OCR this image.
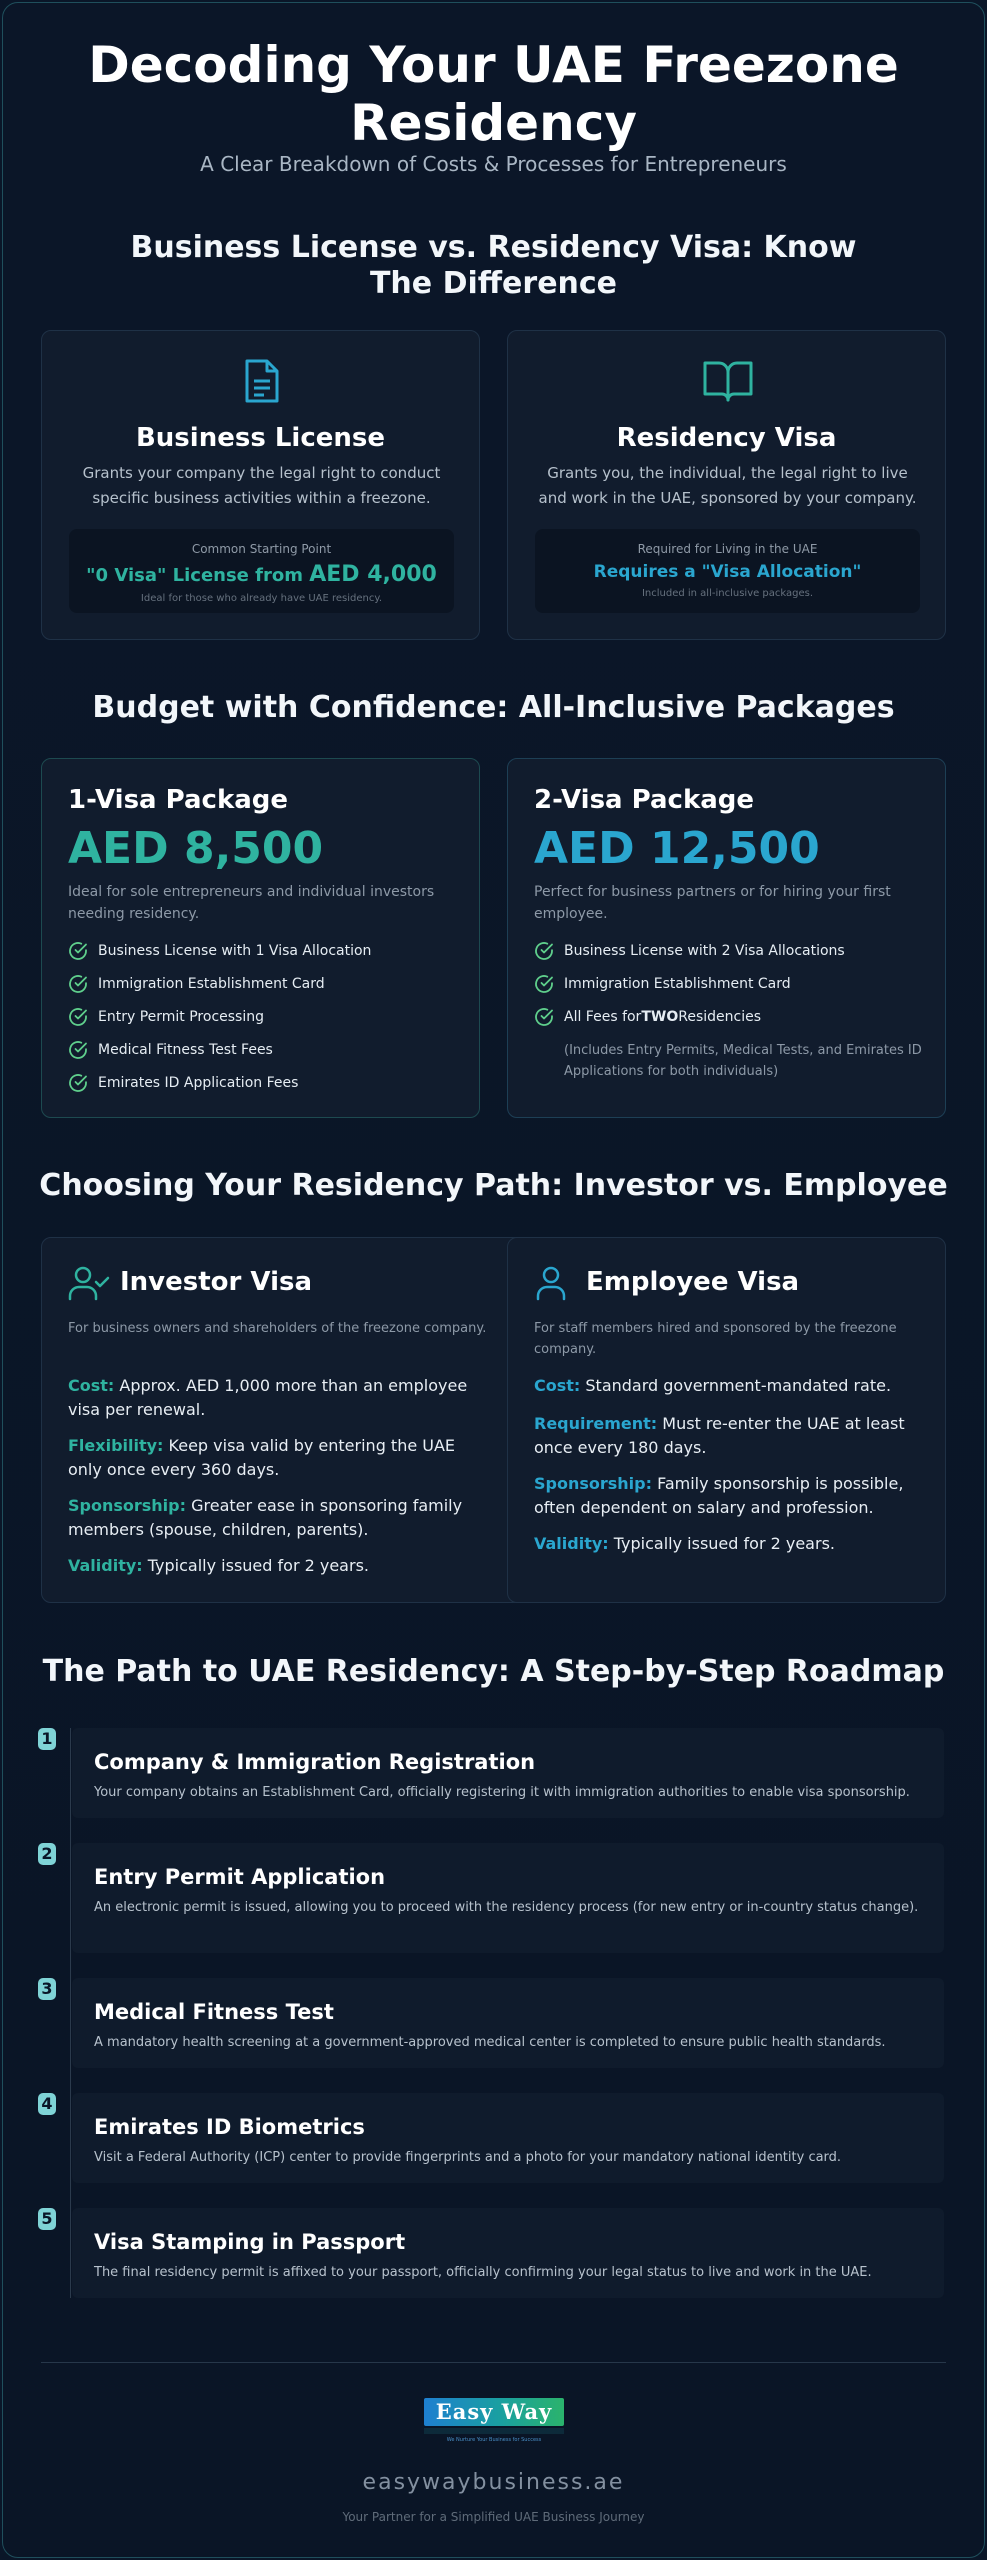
Decoding Your UAE Freezone Residency
A Clear Breakdown of Costs & Processes for Entrepreneurs
Business License vs. Residency Visa: Know The Difference
Business License
Grants your company the legal right to conduct specific business activities within a freezone.
Common Starting Point
"0 Visa" License from AED 4,000
Ideal for those who already have UAE residency.
Residency Visa
Grants you, the individual, the legal right to live and work in the UAE, sponsored by your company.
Required for Living in the UAE
Requires a "Visa Allocation"
Included in all-inclusive packages.
Budget with Confidence: All-Inclusive Packages
1-Visa Package
AED 8,500
Ideal for sole entrepreneurs and individual investors needing residency.
Business License with 1 Visa Allocation
Immigration Establishment Card
Entry Permit Processing
Medical Fitness Test Fees
Emirates ID Application Fees
2-Visa Package
AED 12,500
Perfect for business partners or for hiring your first employee.
Business License with 2 Visa Allocations
Immigration Establishment Card
All Fees for TWO Residencies
(Includes Entry Permits, Medical Tests, and Emirates ID Applications for both individuals)
Choosing Your Residency Path: Investor vs. Employee
Investor Visa
For business owners and shareholders of the freezone company.
Cost: Approx. AED 1,000 more than an employee visa per renewal.
Flexibility: Keep visa valid by entering the UAE only once every 360 days.
Sponsorship: Greater ease in sponsoring family members (spouse, children, parents).
Validity: Typically issued for 2 years.
Employee Visa
For staff members hired and sponsored by the freezone company.
Cost: Standard government-mandated rate.
Requirement: Must re-enter the UAE at least once every 180 days.
Sponsorship: Family sponsorship is possible, often dependent on salary and profession.
Validity: Typically issued for 2 years.
The Path to UAE Residency: A Step-by-Step Roadmap
1
Company & Immigration Registration
Your company obtains an Establishment Card, officially registering it with immigration authorities to enable visa sponsorship.
2
Entry Permit Application
An electronic permit is issued, allowing you to proceed with the residency process (for new entry or in-country status change).
3
Medical Fitness Test
A mandatory health screening at a government-approved medical center is completed to ensure public health standards.
4
Emirates ID Biometrics
Visit a Federal Authority (ICP) center to provide fingerprints and a photo for your mandatory national identity card.
5
Visa Stamping in Passport
The final residency permit is affixed to your passport, officially confirming your legal status to live and work in the UAE.
Easy Way
We Nurture Your Business for Success
easywaybusiness.ae
Your Partner for a Simplified UAE Business Journey
